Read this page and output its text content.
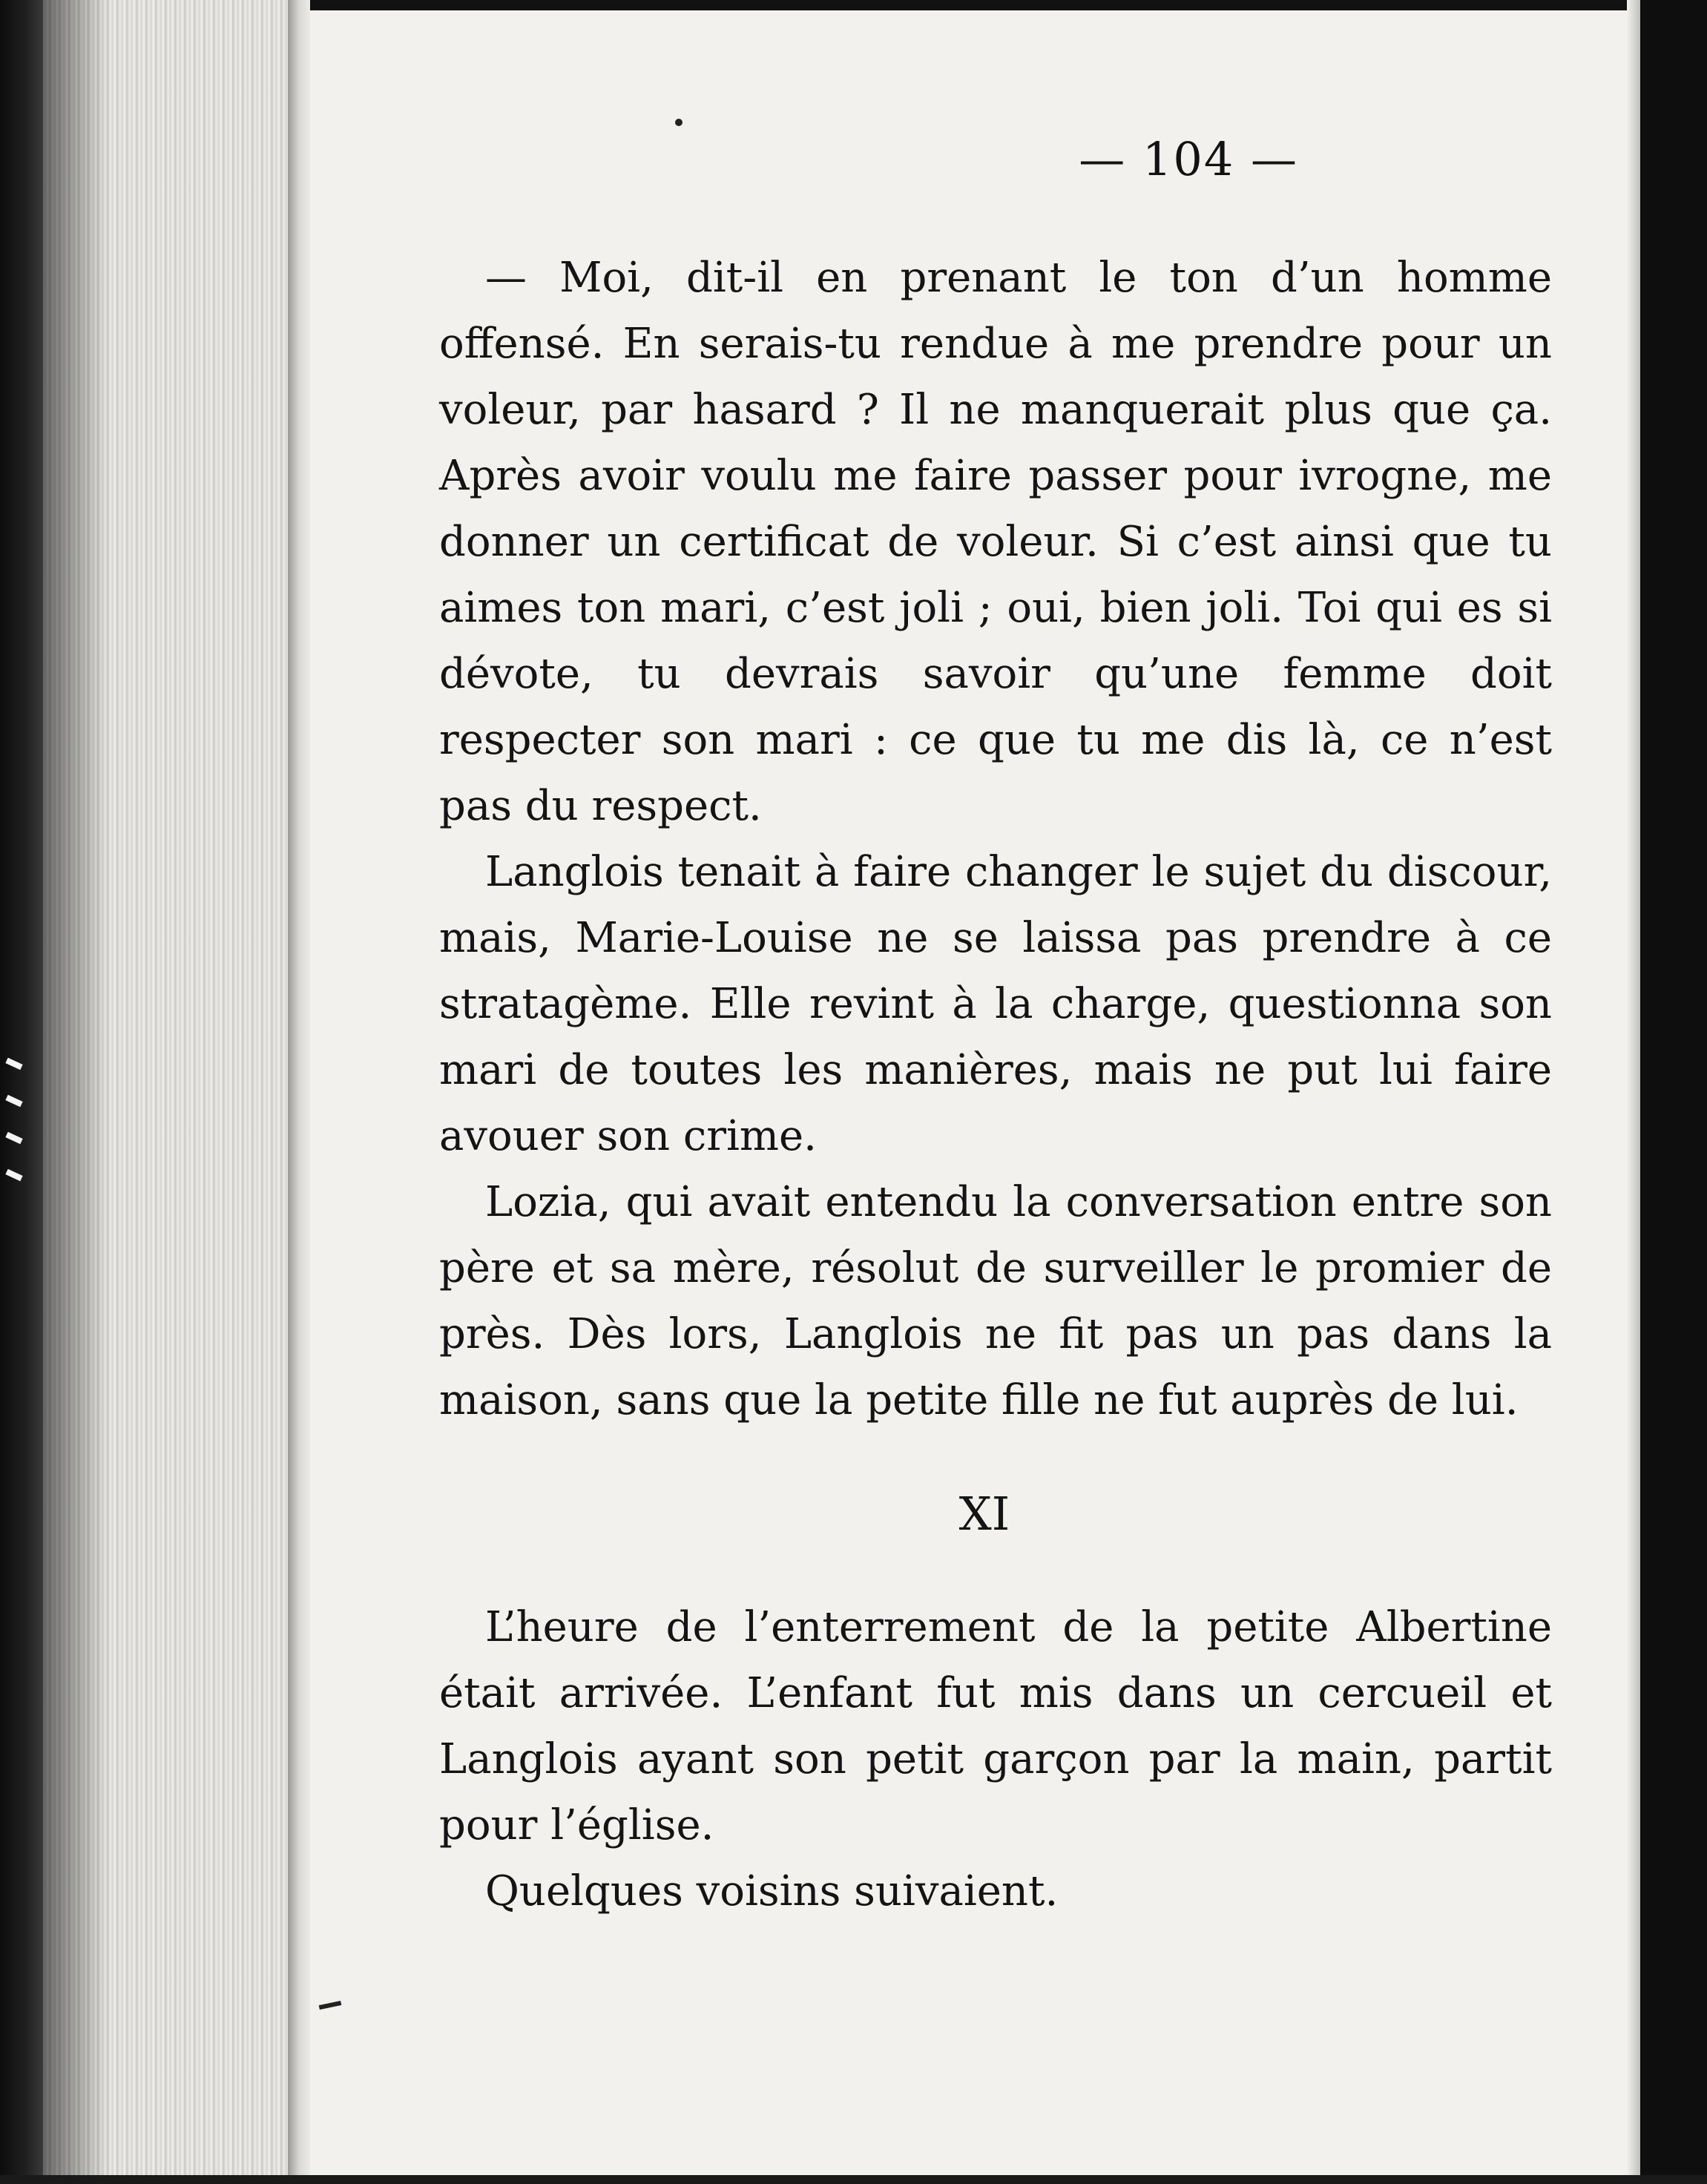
— 104 —

— Moi, dit-il en prenant le ton d’un homme offensé. En serais-tu rendue à me prendre pour un voleur, par hasard ? Il ne manquerait plus que ça. Après avoir voulu me faire passer pour ivrogne, me donner un certificat de voleur. Si c’est ainsi que tu aimes ton mari, c’est joli ; oui, bien joli. Toi qui es si dévote, tu devrais savoir qu’une femme doit respecter son mari : ce que tu me dis là, ce n’est pas du respect.

Langlois tenait à faire changer le sujet du discour, mais, Marie-Louise ne se laissa pas prendre à ce stratagème. Elle revint à la charge, questionna son mari de toutes les manières, mais ne put lui faire avouer son crime.

Lozia, qui avait entendu la conversation entre son père et sa mère, résolut de surveiller le promier de près. Dès lors, Langlois ne fit pas un pas dans la maison, sans que la petite fille ne fut auprès de lui.

XI

L’heure de l’enterrement de la petite Albertine était arrivée. L’enfant fut mis dans un cercueil et Langlois ayant son petit garçon par la main, partit pour l’église.

Quelques voisins suivaient.
